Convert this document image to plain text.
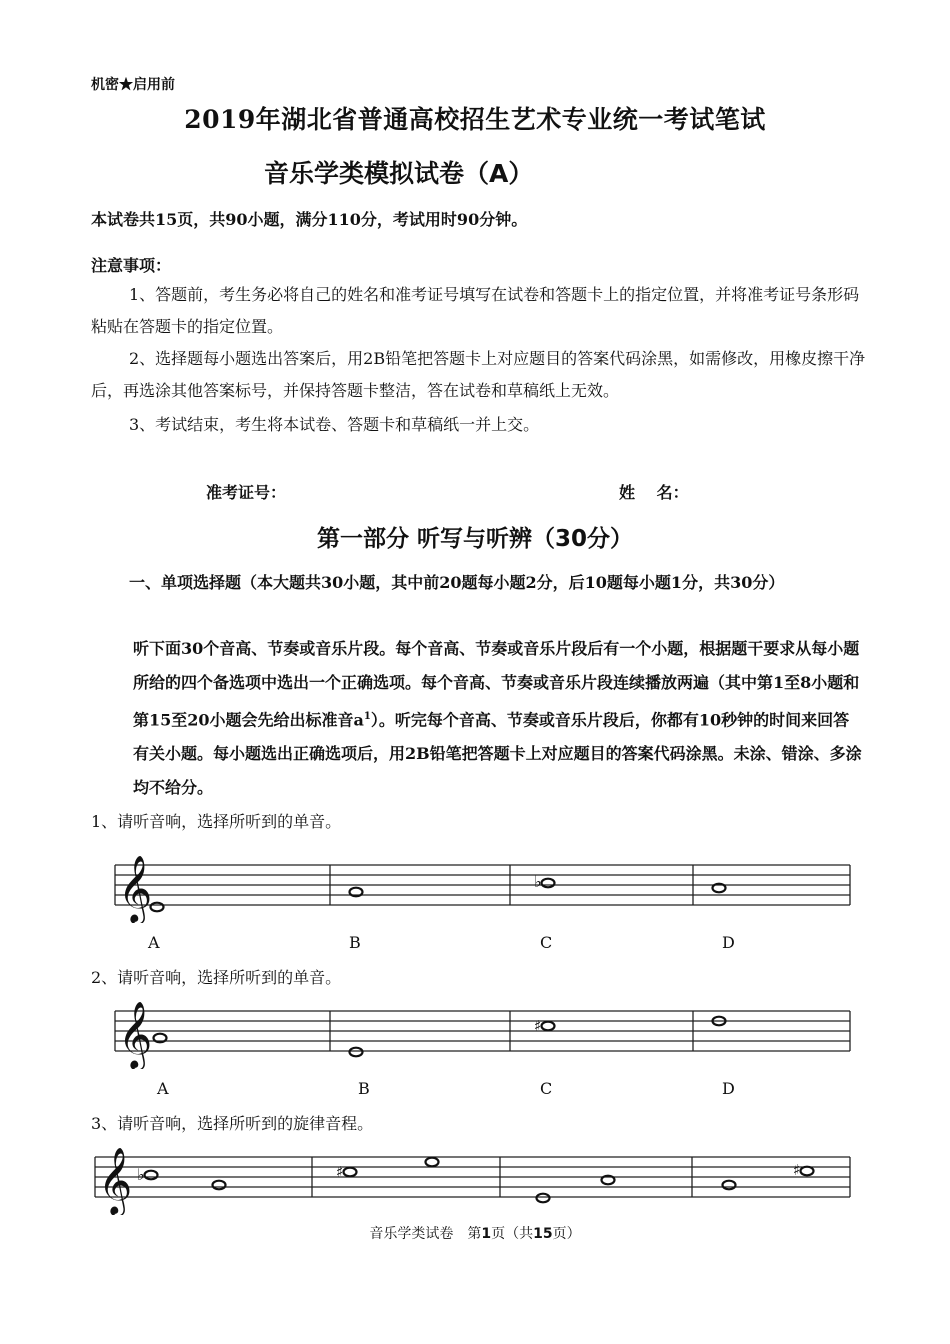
机密★启用前
2019年湖北省普通高校招生艺术专业统一考试笔试
音乐学类模拟试卷（A）
本试卷共15页，共90小题，满分110分，考试用时90分钟。
注意事项：
1、答题前，考生务必将自己的姓名和准考证号填写在试卷和答题卡上的指定位置，并将准考证号条形码粘贴在答题卡的指定位置。
2、选择题每小题选出答案后，用2B铅笔把答题卡上对应题目的答案代码涂黑，如需修改，用橡皮擦干净后，再选涂其他答案标号，并保持答题卡整洁，答在试卷和草稿纸上无效。
3、考试结束，考生将本试卷、答题卡和草稿纸一并上交。
准考证号：	姓　 名：
第一部分 听写与听辨（30分）
一、单项选择题（本大题共30小题，其中前20题每小题2分，后10题每小题1分，共30分）
听下面30个音高、节奏或音乐片段。每个音高、节奏或音乐片段后有一个小题，根据题干要求从每小题所给的四个备选项中选出一个正确选项。每个音高、节奏或音乐片段连续播放两遍（其中第1至8小题和第15至20小题会先给出标准音$a^1$）。听完每个音高、节奏或音乐片段后，你都有10秒钟的时间来回答有关小题。每小题选出正确选项后，用2B铅笔把答题卡上对应题目的答案代码涂黑。未涂、错涂、多涂均不给分。
1、请听音响，选择所听到的单音。
𝄞	♭
A	B	C	D
2、请听音响，选择所听到的单音。
𝄞	♯
A	B	C	D
3、请听音响，选择所听到的旋律音程。
𝄞 ♭	♯	♯
音乐学类试卷　第1页（共15页）
